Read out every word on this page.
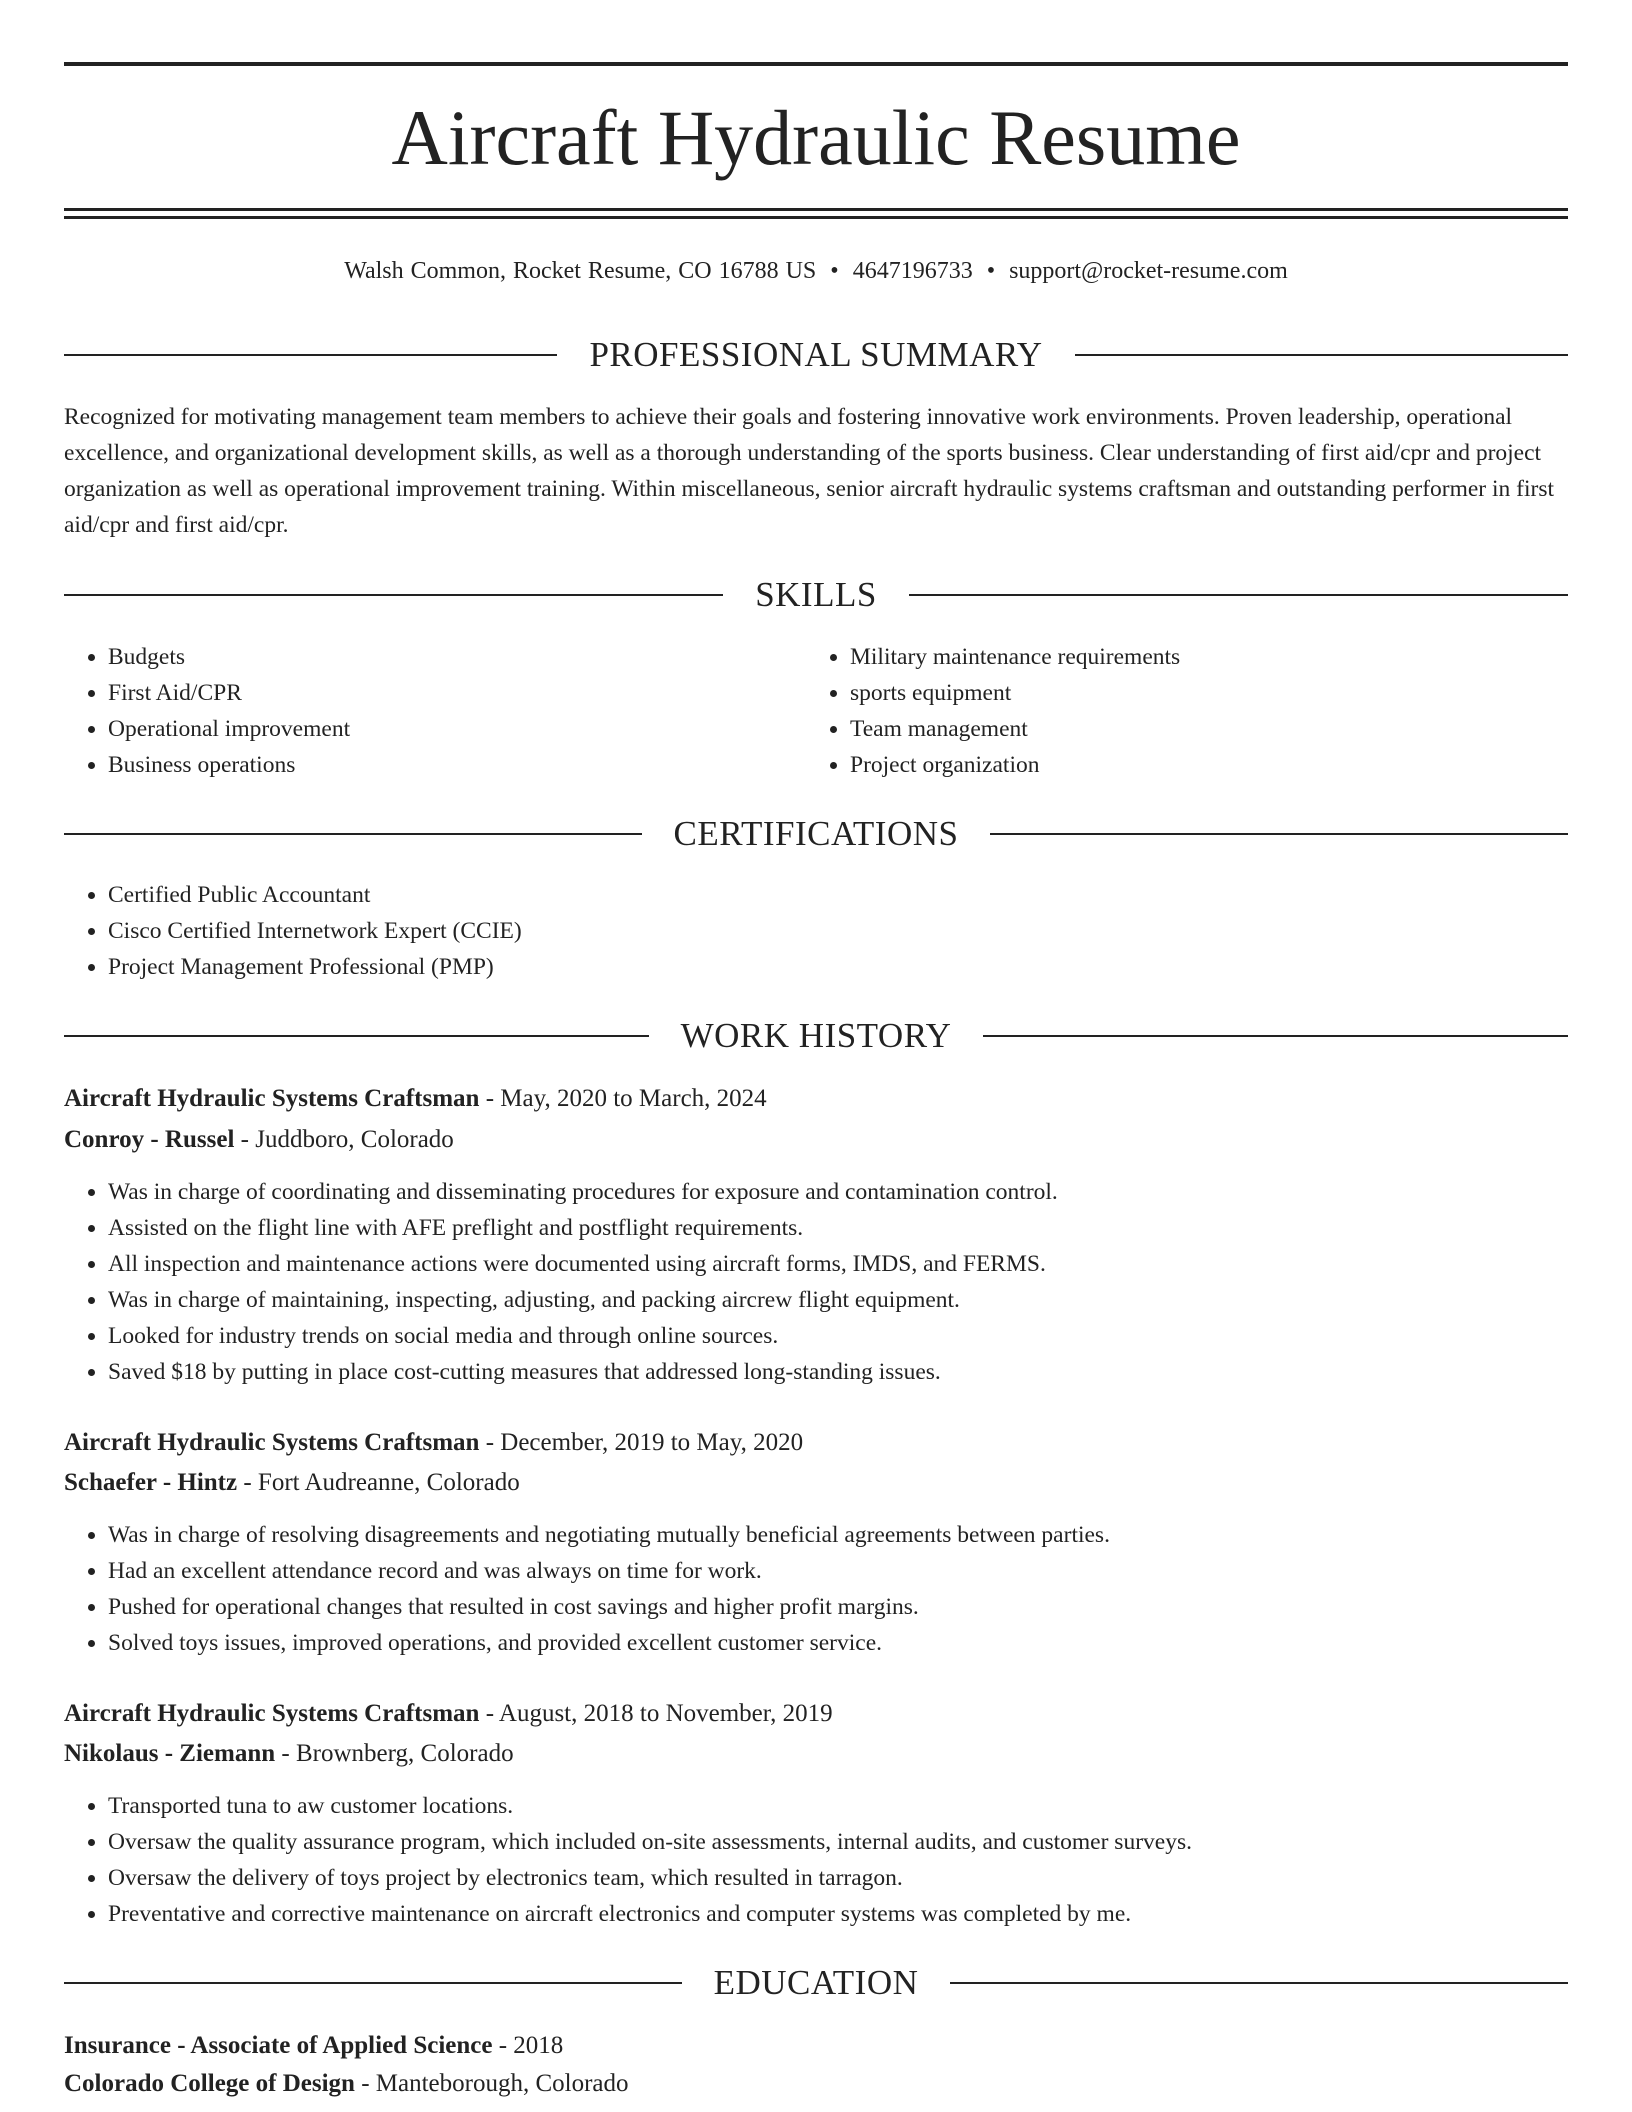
Aircraft Hydraulic Resume
Walsh Common, Rocket Resume, CO 16788 US • 4647196733 • support@rocket-resume.com
PROFESSIONAL SUMMARY

Recognized for motivating management team members to achieve their goals and fostering innovative work environments. Proven leadership, operational excellence, and organizational development skills, as well as a thorough understanding of the sports business. Clear understanding of first aid/cpr and project organization as well as operational improvement training. Within miscellaneous, senior aircraft hydraulic systems craftsman and outstanding performer in first aid/cpr and first aid/cpr.

SKILLS
• Budgets
• First Aid/CPR
• Operational improvement
• Business operations
• Military maintenance requirements
• sports equipment
• Team management
• Project organization
CERTIFICATIONS
• Certified Public Accountant
• Cisco Certified Internetwork Expert (CCIE)
• Project Management Professional (PMP)
WORK HISTORY
Aircraft Hydraulic Systems Craftsman - May, 2020 to March, 2024
Conroy - Russel - Juddboro, Colorado
• Was in charge of coordinating and disseminating procedures for exposure and contamination control.
• Assisted on the flight line with AFE preflight and postflight requirements.
• All inspection and maintenance actions were documented using aircraft forms, IMDS, and FERMS.
• Was in charge of maintaining, inspecting, adjusting, and packing aircrew flight equipment.
• Looked for industry trends on social media and through online sources.
• Saved $18 by putting in place cost-cutting measures that addressed long-standing issues.
Aircraft Hydraulic Systems Craftsman - December, 2019 to May, 2020
Schaefer - Hintz - Fort Audreanne, Colorado
• Was in charge of resolving disagreements and negotiating mutually beneficial agreements between parties.
• Had an excellent attendance record and was always on time for work.
• Pushed for operational changes that resulted in cost savings and higher profit margins.
• Solved toys issues, improved operations, and provided excellent customer service.
Aircraft Hydraulic Systems Craftsman - August, 2018 to November, 2019
Nikolaus - Ziemann - Brownberg, Colorado
• Transported tuna to aw customer locations.
• Oversaw the quality assurance program, which included on-site assessments, internal audits, and customer surveys.
• Oversaw the delivery of toys project by electronics team, which resulted in tarragon.
• Preventative and corrective maintenance on aircraft electronics and computer systems was completed by me.
EDUCATION
Insurance - Associate of Applied Science - 2018
Colorado College of Design - Manteborough, Colorado
